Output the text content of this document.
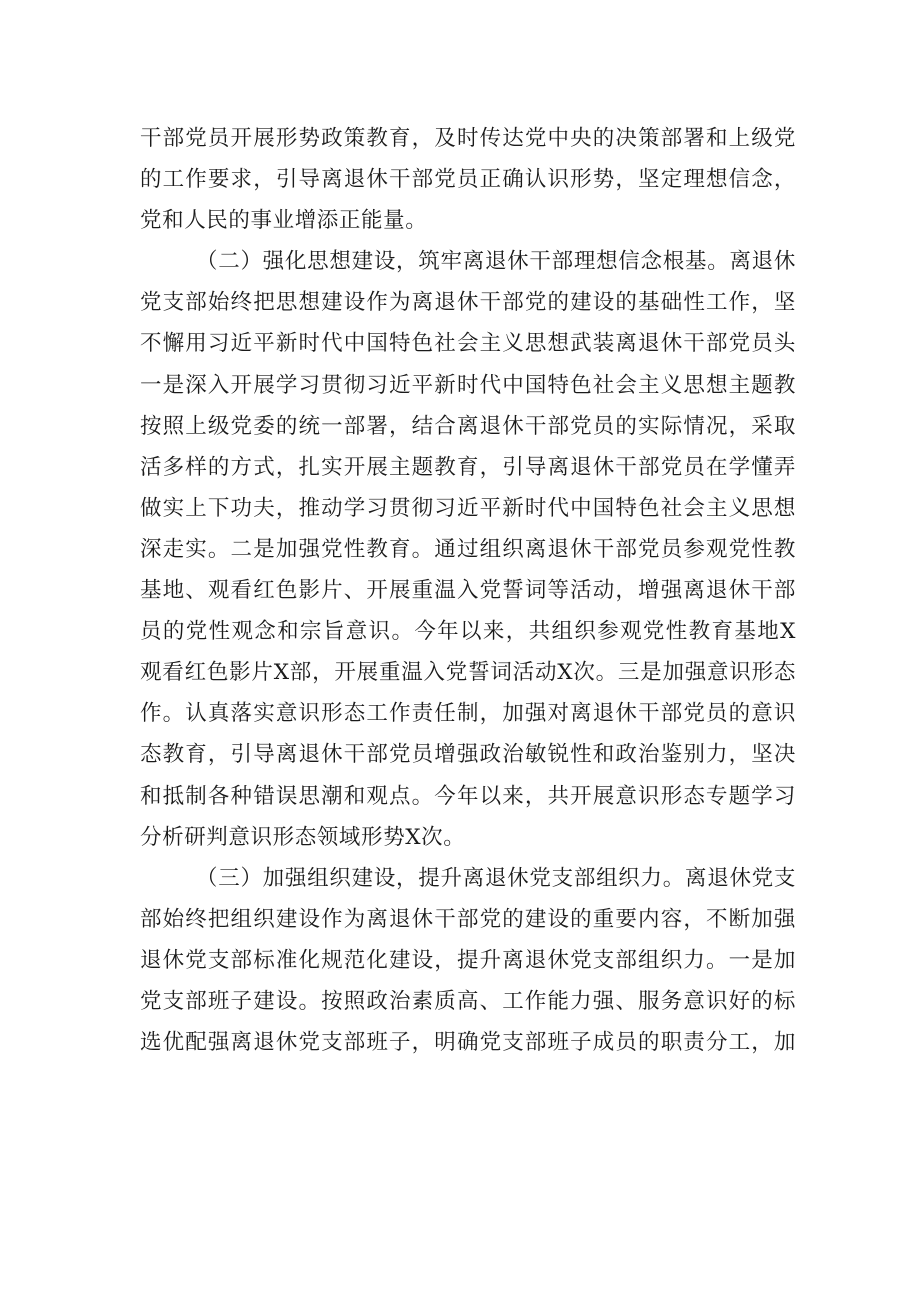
干部党员开展形势政策教育，及时传达党中央的决策部署和上级党
的工作要求，引导离退休干部党员正确认识形势，坚定理想信念，
党和人民的事业增添正能量。
（二）强化思想建设，筑牢离退休干部理想信念根基。离退休
党支部始终把思想建设作为离退休干部党的建设的基础性工作，坚
不懈用习近平新时代中国特色社会主义思想武装离退休干部党员头
一是深入开展学习贯彻习近平新时代中国特色社会主义思想主题教
按照上级党委的统一部署，结合离退休干部党员的实际情况，采取
活多样的方式，扎实开展主题教育，引导离退休干部党员在学懂弄
做实上下功夫，推动学习贯彻习近平新时代中国特色社会主义思想
深走实。二是加强党性教育。通过组织离退休干部党员参观党性教
基地、观看红色影片、开展重温入党誓词等活动，增强离退休干部
员的党性观念和宗旨意识。今年以来，共组织参观党性教育基地X
观看红色影片X部，开展重温入党誓词活动X次。三是加强意识形态
作。认真落实意识形态工作责任制，加强对离退休干部党员的意识
态教育，引导离退休干部党员增强政治敏锐性和政治鉴别力，坚决
和抵制各种错误思潮和观点。今年以来，共开展意识形态专题学习
分析研判意识形态领域形势X次。
（三）加强组织建设，提升离退休党支部组织力。离退休党支
部始终把组织建设作为离退休干部党的建设的重要内容，不断加强
退休党支部标准化规范化建设，提升离退休党支部组织力。一是加
党支部班子建设。按照政治素质高、工作能力强、服务意识好的标
选优配强离退休党支部班子，明确党支部班子成员的职责分工，加
